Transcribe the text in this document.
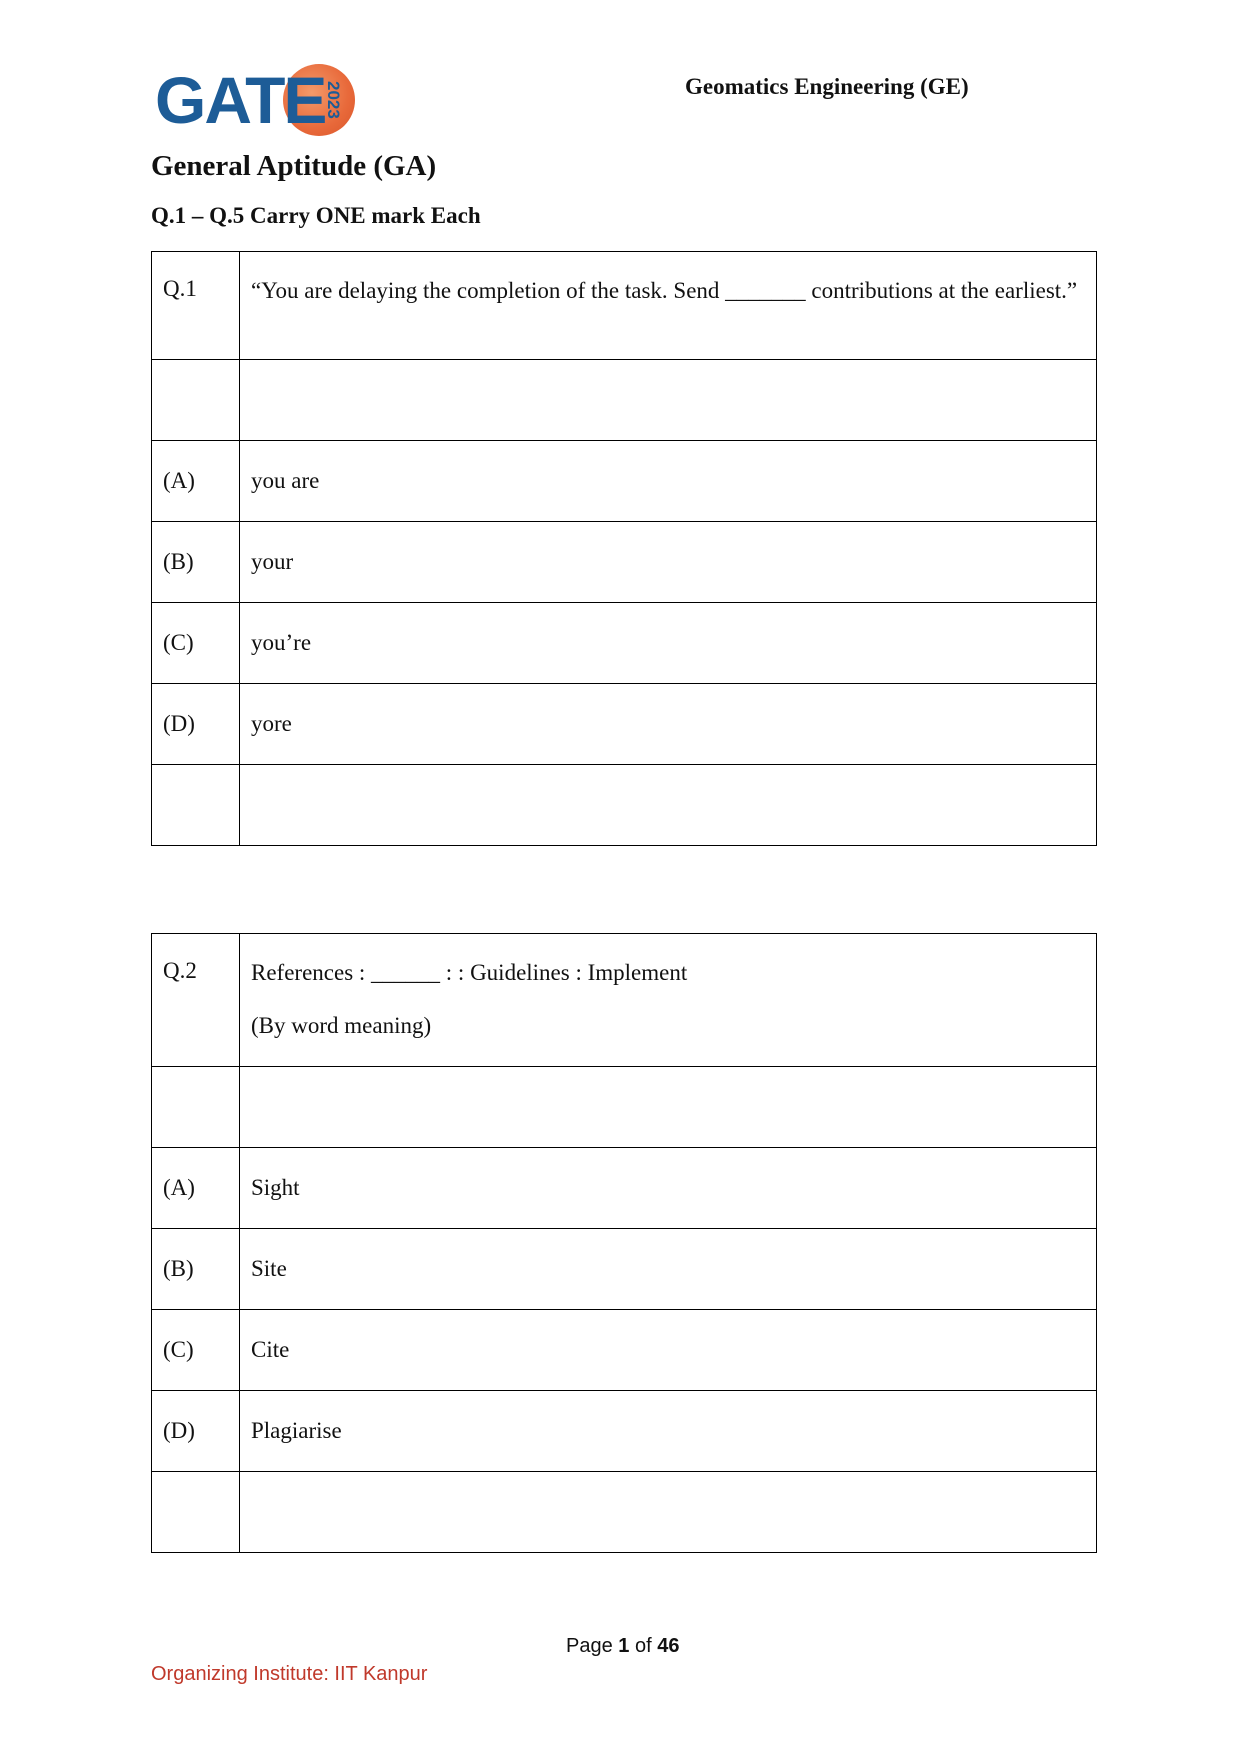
GATE
2023	Geomatics Engineering (GE)
General Aptitude (GA)
Q.1 – Q.5 Carry ONE mark Each
Q.1	“You are delaying the completion of the task. Send _______ contributions at the earliest.”

(A)	you are
(B)	your
(C)	you’re
(D)	yore

Q.2	References : ______ : : Guidelines : Implement
(By word meaning)

(A)	Sight
(B)	Site
(C)	Cite
(D)	Plagiarise

Page 1 of 46
Organizing Institute: IIT Kanpur
